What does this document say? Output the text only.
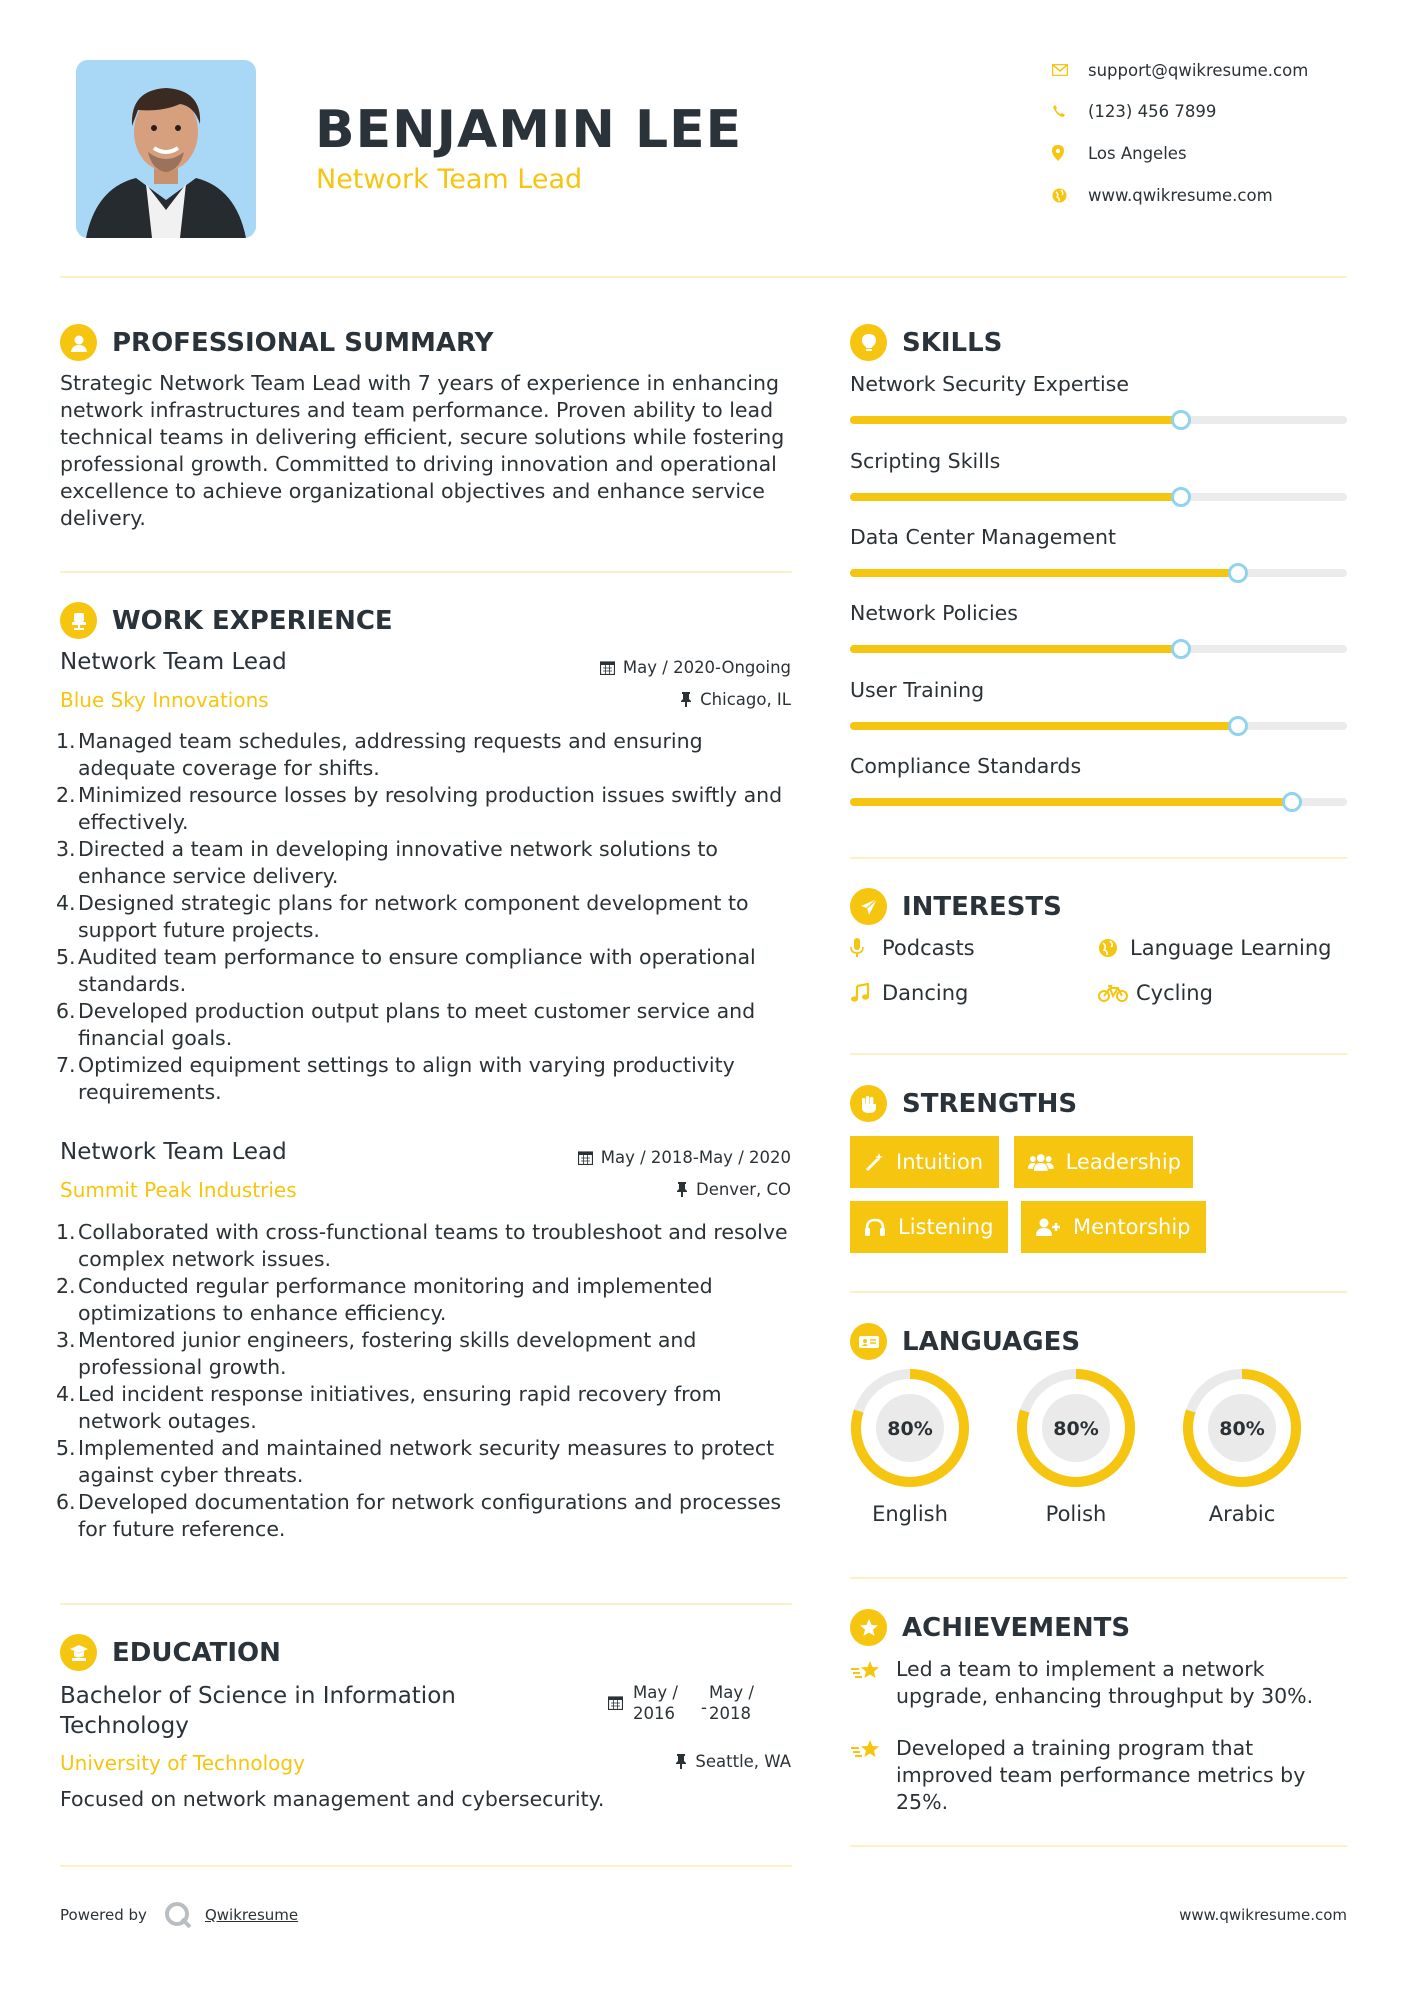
BENJAMIN LEE
Network Team Lead
support@qwikresume.com
(123) 456 7899
Los Angeles
www.qwikresume.com
PROFESSIONAL SUMMARY
Strategic Network Team Lead with 7 years of experience in enhancing network infrastructures and team performance. Proven ability to lead technical teams in delivering efficient, secure solutions while fostering professional growth. Committed to driving innovation and operational excellence to achieve organizational objectives and enhance service delivery.
WORK EXPERIENCE
Network Team Lead	May / 2020-Ongoing
Blue Sky Innovations	Chicago, IL
1. Managed team schedules, addressing requests and ensuring adequate coverage for shifts.
2. Minimized resource losses by resolving production issues swiftly and effectively.
3. Directed a team in developing innovative network solutions to enhance service delivery.
4. Designed strategic plans for network component development to support future projects.
5. Audited team performance to ensure compliance with operational standards.
6. Developed production output plans to meet customer service and financial goals.
7. Optimized equipment settings to align with varying productivity requirements.
Network Team Lead	May / 2018-May / 2020
Summit Peak Industries	Denver, CO
1. Collaborated with cross-functional teams to troubleshoot and resolve complex network issues.
2. Conducted regular performance monitoring and implemented optimizations to enhance efficiency.
3. Mentored junior engineers, fostering skills development and professional growth.
4. Led incident response initiatives, ensuring rapid recovery from network outages.
5. Implemented and maintained network security measures to protect against cyber threats.
6. Developed documentation for network configurations and processes for future reference.
EDUCATION
Bachelor of Science in Information
Technology
May /
2016	-
May /
2018
University of Technology	Seattle, WA
Focused on network management and cybersecurity.
SKILLS
Network Security Expertise
Scripting Skills
Data Center Management
Network Policies
User Training
Compliance Standards
INTERESTS
Podcasts	Language Learning
Dancing	Cycling
STRENGTHS
Intuition	Leadership
Listening	Mentorship
LANGUAGES
80%
English
80%
Polish
80%
Arabic
ACHIEVEMENTS
Led a team to implement a network upgrade, enhancing throughput by 30%.
Developed a training program that improved team performance metrics by 25%.
Powered by	Qwikresume	www.qwikresume.com
